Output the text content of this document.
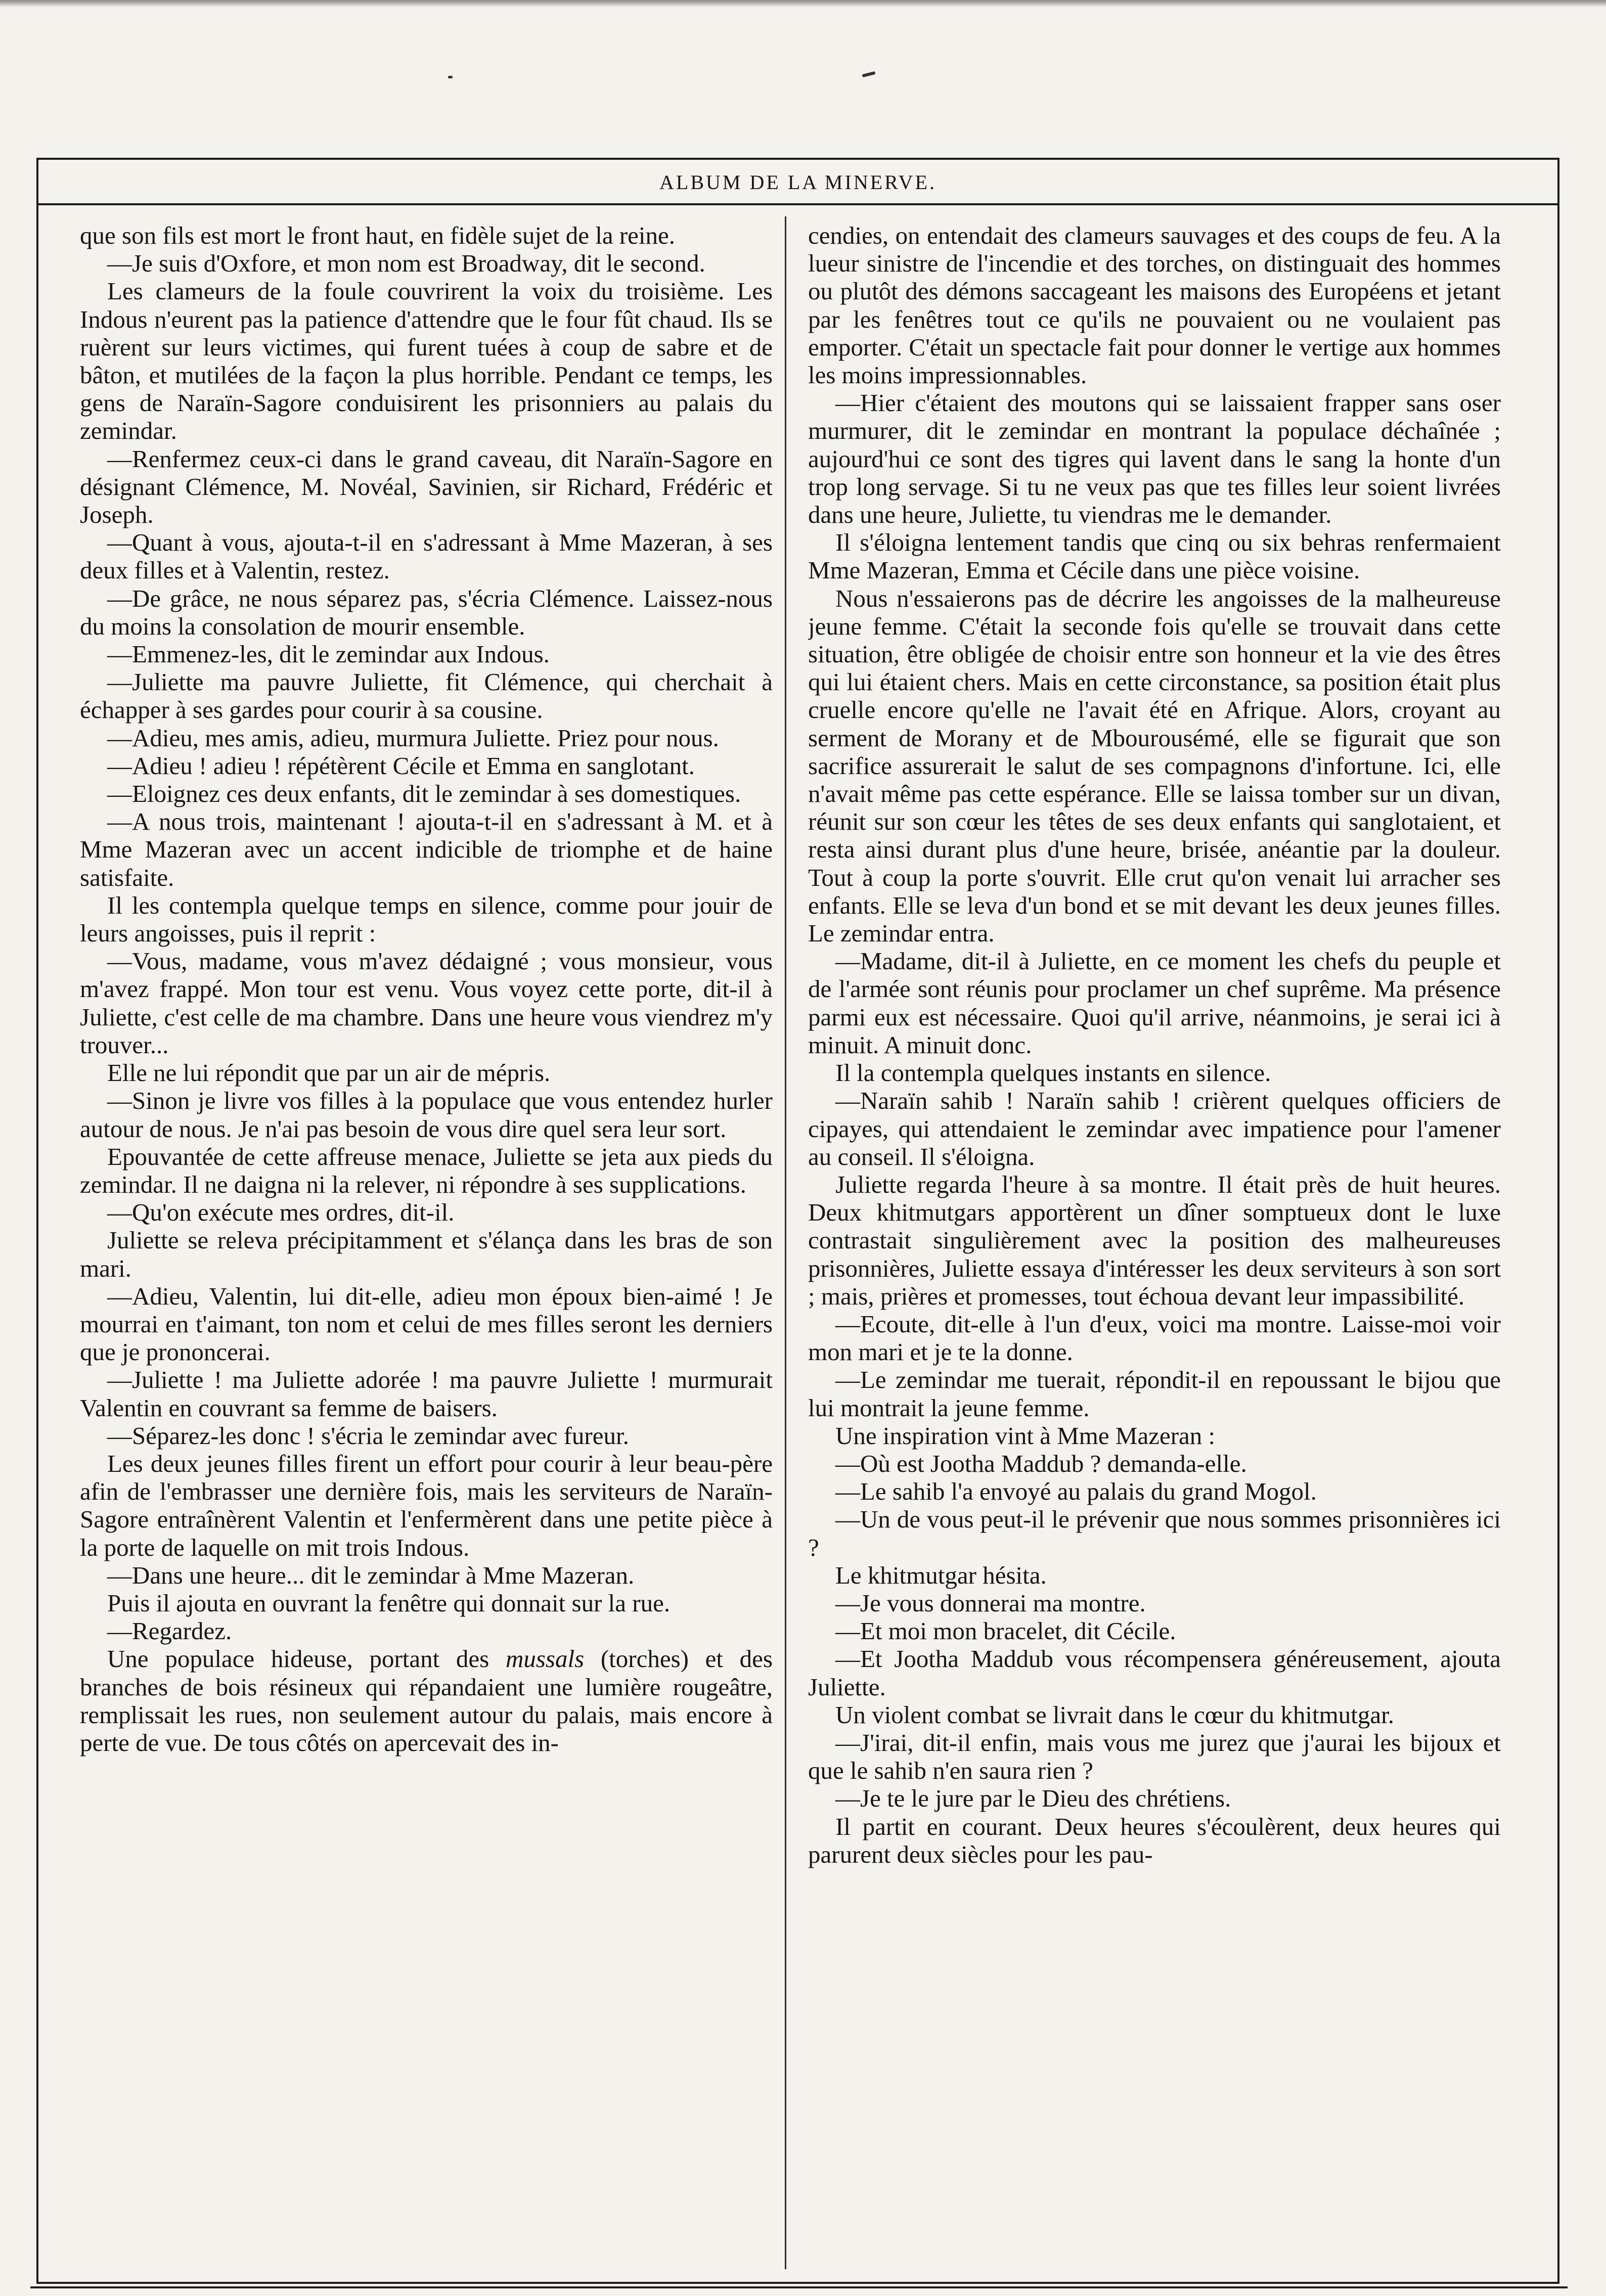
ALBUM DE LA MINERVE.

que son fils est mort le front haut, en fidèle sujet de la reine.

—Je suis d'Oxfore, et mon nom est Broadway, dit le second.

Les clameurs de la foule couvrirent la voix du troisième. Les Indous n'eurent pas la patience d'attendre que le four fût chaud. Ils se ruèrent sur leurs victimes, qui furent tuées à coup de sabre et de bâton, et mutilées de la façon la plus horrible. Pendant ce temps, les gens de Naraïn-Sagore conduisirent les prisonniers au palais du zemindar.

—Renfermez ceux-ci dans le grand caveau, dit Naraïn-Sagore en désignant Clémence, M. Novéal, Savinien, sir Richard, Frédéric et Joseph.

—Quant à vous, ajouta-t-il en s'adressant à Mme Mazeran, à ses deux filles et à Valentin, restez.

—De grâce, ne nous séparez pas, s'écria Clémence. Laissez-nous du moins la consolation de mourir ensemble.

—Emmenez-les, dit le zemindar aux Indous.

—Juliette ma pauvre Juliette, fit Clémence, qui cherchait à échapper à ses gardes pour courir à sa cousine.

—Adieu, mes amis, adieu, murmura Juliette. Priez pour nous.

—Adieu ! adieu ! répétèrent Cécile et Emma en sanglotant.

—Eloignez ces deux enfants, dit le zemindar à ses domestiques.

—A nous trois, maintenant ! ajouta-t-il en s'adressant à M. et à Mme Mazeran avec un accent indicible de triomphe et de haine satisfaite.

Il les contempla quelque temps en silence, comme pour jouir de leurs angoisses, puis il reprit :

—Vous, madame, vous m'avez dédaigné ; vous monsieur, vous m'avez frappé. Mon tour est venu. Vous voyez cette porte, dit-il à Juliette, c'est celle de ma chambre. Dans une heure vous viendrez m'y trouver...

Elle ne lui répondit que par un air de mépris.

—Sinon je livre vos filles à la populace que vous entendez hurler autour de nous. Je n'ai pas besoin de vous dire quel sera leur sort.

Epouvantée de cette affreuse menace, Juliette se jeta aux pieds du zemindar. Il ne daigna ni la relever, ni répondre à ses supplications.

—Qu'on exécute mes ordres, dit-il.

Juliette se releva précipitamment et s'élança dans les bras de son mari.

—Adieu, Valentin, lui dit-elle, adieu mon époux bien-aimé ! Je mourrai en t'aimant, ton nom et celui de mes filles seront les derniers que je prononcerai.

—Juliette ! ma Juliette adorée ! ma pauvre Juliette ! murmurait Valentin en couvrant sa femme de baisers.

—Séparez-les donc ! s'écria le zemindar avec fureur.

Les deux jeunes filles firent un effort pour courir à leur beau-père afin de l'embrasser une dernière fois, mais les serviteurs de Naraïn-Sagore entraînèrent Valentin et l'enfermèrent dans une petite pièce à la porte de laquelle on mit trois Indous.

—Dans une heure... dit le zemindar à Mme Mazeran.

Puis il ajouta en ouvrant la fenêtre qui donnait sur la rue.

—Regardez.

Une populace hideuse, portant des mussals (torches) et des branches de bois résineux qui répandaient une lumière rougeâtre, remplissait les rues, non seulement autour du palais, mais encore à perte de vue. De tous côtés on apercevait des in-

cendies, on entendait des clameurs sauvages et des coups de feu. A la lueur sinistre de l'incendie et des torches, on distinguait des hommes ou plutôt des démons saccageant les maisons des Européens et jetant par les fenêtres tout ce qu'ils ne pouvaient ou ne voulaient pas emporter. C'était un spectacle fait pour donner le vertige aux hommes les moins impressionnables.

—Hier c'étaient des moutons qui se laissaient frapper sans oser murmurer, dit le zemindar en montrant la populace déchaînée ; aujourd'hui ce sont des tigres qui lavent dans le sang la honte d'un trop long servage. Si tu ne veux pas que tes filles leur soient livrées dans une heure, Juliette, tu viendras me le demander.

Il s'éloigna lentement tandis que cinq ou six behras renfermaient Mme Mazeran, Emma et Cécile dans une pièce voisine.

Nous n'essaierons pas de décrire les angoisses de la malheureuse jeune femme. C'était la seconde fois qu'elle se trouvait dans cette situation, être obligée de choisir entre son honneur et la vie des êtres qui lui étaient chers. Mais en cette circonstance, sa position était plus cruelle encore qu'elle ne l'avait été en Afrique. Alors, croyant au serment de Morany et de Mbourousémé, elle se figurait que son sacrifice assurerait le salut de ses compagnons d'infortune. Ici, elle n'avait même pas cette espérance. Elle se laissa tomber sur un divan, réunit sur son cœur les têtes de ses deux enfants qui sanglotaient, et resta ainsi durant plus d'une heure, brisée, anéantie par la douleur. Tout à coup la porte s'ouvrit. Elle crut qu'on venait lui arracher ses enfants. Elle se leva d'un bond et se mit devant les deux jeunes filles. Le zemindar entra.

—Madame, dit-il à Juliette, en ce moment les chefs du peuple et de l'armée sont réunis pour proclamer un chef suprême. Ma présence parmi eux est nécessaire. Quoi qu'il arrive, néanmoins, je serai ici à minuit. A minuit donc.

Il la contempla quelques instants en silence.

—Naraïn sahib ! Naraïn sahib ! crièrent quelques officiers de cipayes, qui attendaient le zemindar avec impatience pour l'amener au conseil. Il s'éloigna.

Juliette regarda l'heure à sa montre. Il était près de huit heures. Deux khitmutgars apportèrent un dîner somptueux dont le luxe contrastait singulièrement avec la position des malheureuses prisonnières, Juliette essaya d'intéresser les deux serviteurs à son sort ; mais, prières et promesses, tout échoua devant leur impassibilité.

—Ecoute, dit-elle à l'un d'eux, voici ma montre. Laisse-moi voir mon mari et je te la donne.

—Le zemindar me tuerait, répondit-il en repoussant le bijou que lui montrait la jeune femme.

Une inspiration vint à Mme Mazeran :

—Où est Jootha Maddub ? demanda-elle.

—Le sahib l'a envoyé au palais du grand Mogol.

—Un de vous peut-il le prévenir que nous sommes prisonnières ici ?

Le khitmutgar hésita.

—Je vous donnerai ma montre.

—Et moi mon bracelet, dit Cécile.

—Et Jootha Maddub vous récompensera généreusement, ajouta Juliette.

Un violent combat se livrait dans le cœur du khitmutgar.

—J'irai, dit-il enfin, mais vous me jurez que j'aurai les bijoux et que le sahib n'en saura rien ?

—Je te le jure par le Dieu des chrétiens.

Il partit en courant. Deux heures s'écoulèrent, deux heures qui parurent deux siècles pour les pau-
